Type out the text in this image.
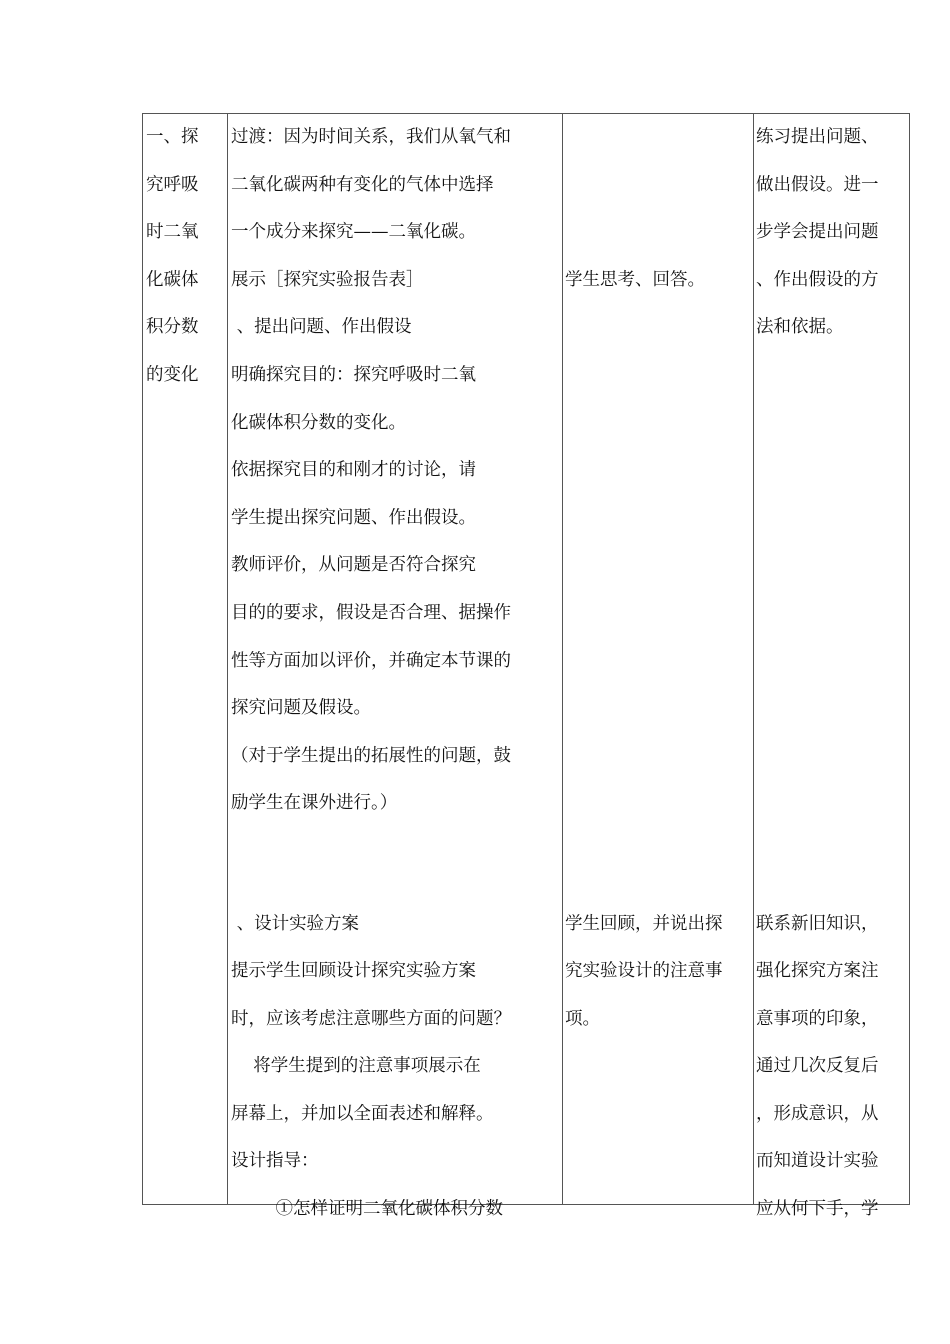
一、探
究呼吸
时二氧
化碳体
积分数
的变化
过渡：因为时间关系，我们从氧气和
二氧化碳两种有变化的气体中选择
一个成分来探究——二氧化碳。
展示［探究实验报告表］
、提出问题、作出假设
明确探究目的：探究呼吸时二氧
化碳体积分数的变化。
依据探究目的和刚才的讨论，请
学生提出探究问题、作出假设。
教师评价，从问题是否符合探究
目的的要求，假设是否合理、据操作
性等方面加以评价，并确定本节课的
探究问题及假设。
（对于学生提出的拓展性的问题，鼓
励学生在课外进行。）
、设计实验方案
提示学生回顾设计探究实验方案
时，应该考虑注意哪些方面的问题？
将学生提到的注意事项展示在
屏幕上，并加以全面表述和解释。
设计指导：
①怎样证明二氧化碳体积分数
学生思考、回答。
学生回顾，并说出探
究实验设计的注意事
项。
练习提出问题、
做出假设。进一
步学会提出问题
、作出假设的方
法和依据。
联系新旧知识，
强化探究方案注
意事项的印象，
通过几次反复后
，形成意识，从
而知道设计实验
应从何下手，学
